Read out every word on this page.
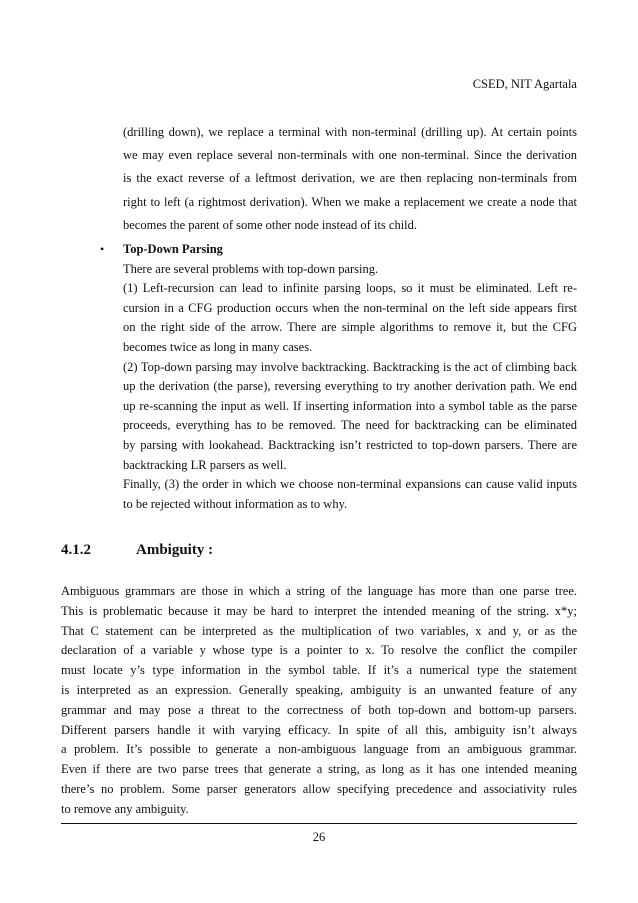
CSED, NIT Agartala
(drilling down), we replace a terminal with non-terminal (drilling up). At certain points
we may even replace several non-terminals with one non-terminal. Since the derivation
is the exact reverse of a leftmost derivation, we are then replacing non-terminals from
right to left (a rightmost derivation). When we make a replacement we create a node that
becomes the parent of some other node instead of its child.
•	Top-Down Parsing
There are several problems with top-down parsing.
(1) Left-recursion can lead to infinite parsing loops, so it must be eliminated. Left re-
cursion in a CFG production occurs when the non-terminal on the left side appears first
on the right side of the arrow. There are simple algorithms to remove it, but the CFG
becomes twice as long in many cases.
(2) Top-down parsing may involve backtracking. Backtracking is the act of climbing back
up the derivation (the parse), reversing everything to try another derivation path. We end
up re-scanning the input as well. If inserting information into a symbol table as the parse
proceeds, everything has to be removed. The need for backtracking can be eliminated
by parsing with lookahead. Backtracking isn’t restricted to top-down parsers. There are
backtracking LR parsers as well.
Finally, (3) the order in which we choose non-terminal expansions can cause valid inputs
to be rejected without information as to why.
4.1.2	Ambiguity :
Ambiguous grammars are those in which a string of the language has more than one parse tree.
This is problematic because it may be hard to interpret the intended meaning of the string. x*y;
That C statement can be interpreted as the multiplication of two variables, x and y, or as the
declaration of a variable y whose type is a pointer to x. To resolve the conflict the compiler
must locate y’s type information in the symbol table. If it’s a numerical type the statement
is interpreted as an expression. Generally speaking, ambiguity is an unwanted feature of any
grammar and may pose a threat to the correctness of both top-down and bottom-up parsers.
Different parsers handle it with varying efficacy. In spite of all this, ambiguity isn’t always
a problem. It’s possible to generate a non-ambiguous language from an ambiguous grammar.
Even if there are two parse trees that generate a string, as long as it has one intended meaning
there’s no problem. Some parser generators allow specifying precedence and associativity rules
to remove any ambiguity.
26
